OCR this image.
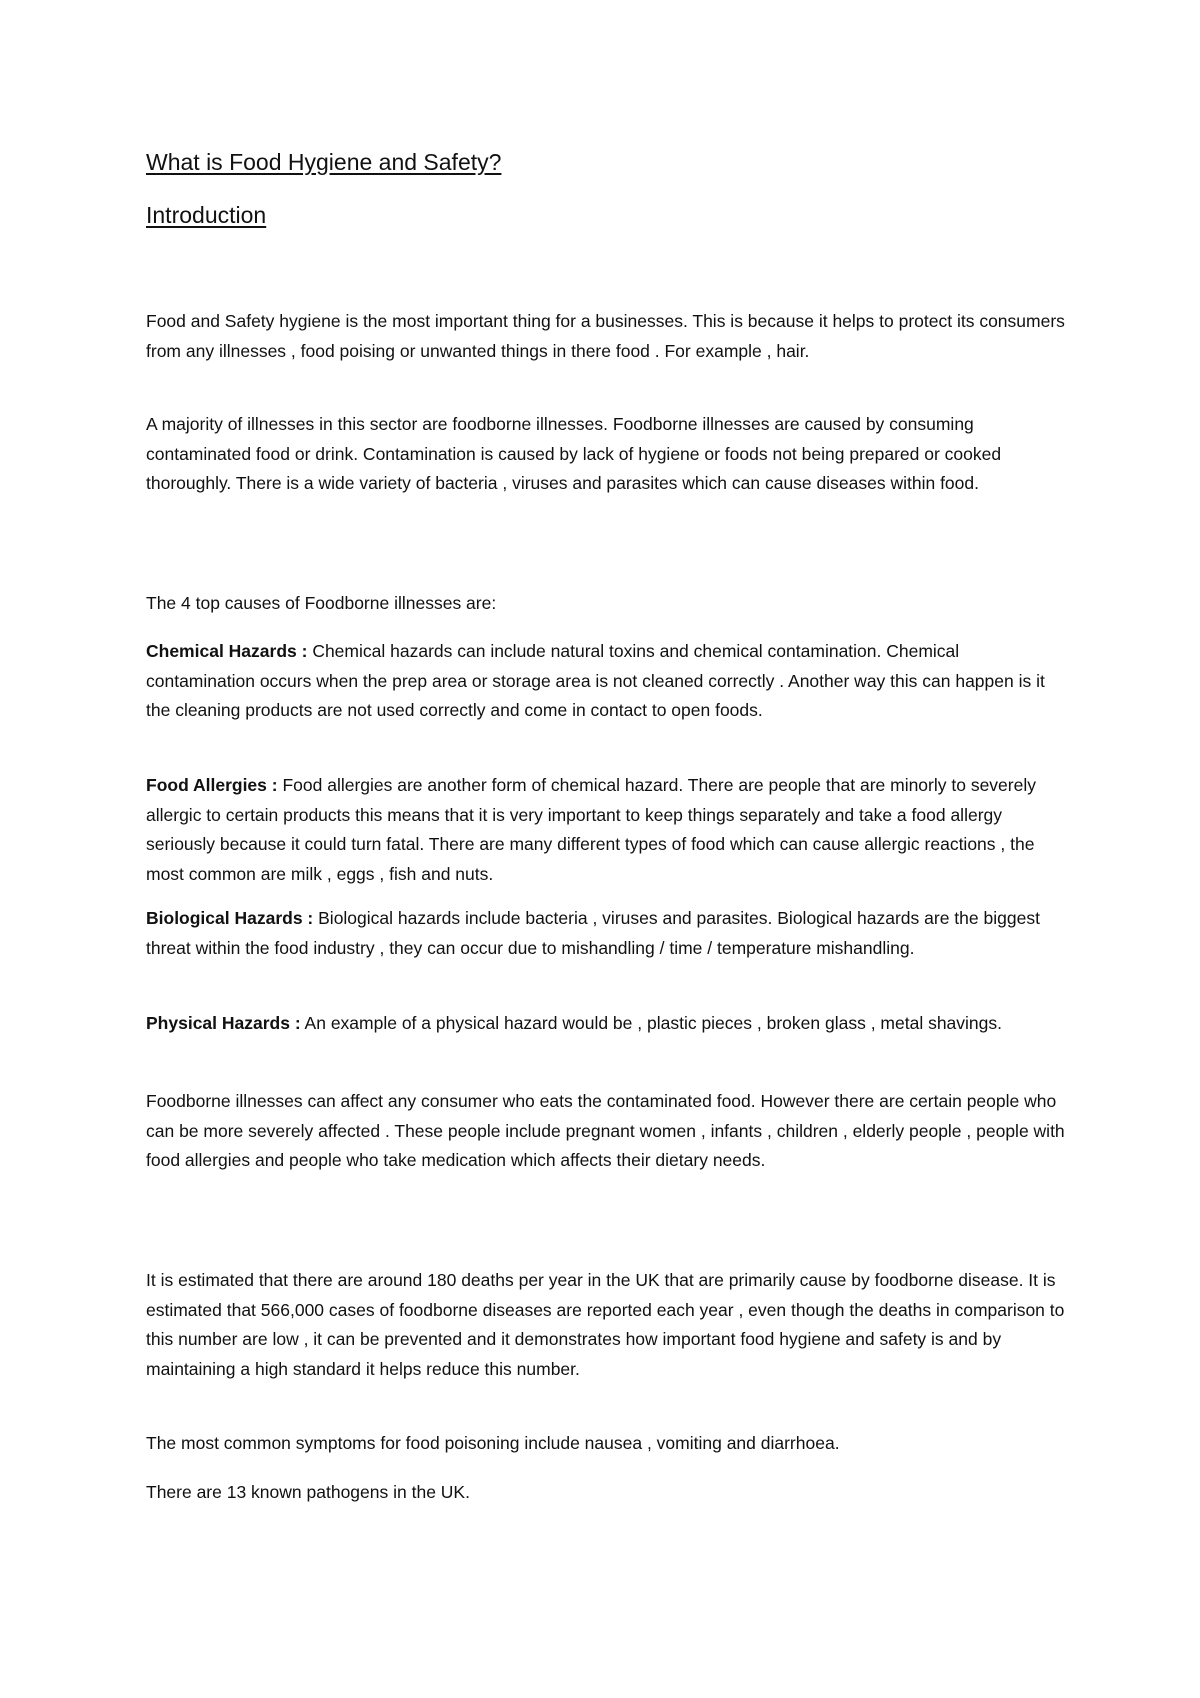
What is Food Hygiene and Safety?
Introduction

Food and Safety hygiene is the most important thing for a businesses. This is because it helps to protect its consumers from any illnesses , food poising or unwanted things in there food . For example , hair.

A majority of illnesses in this sector are foodborne illnesses. Foodborne illnesses are caused by consuming contaminated food or drink. Contamination is caused by lack of hygiene or foods not being prepared or cooked thoroughly. There is a wide variety of bacteria , viruses and parasites which can cause diseases within food.

The 4 top causes of Foodborne illnesses are:

Chemical Hazards : Chemical hazards can include natural toxins and chemical contamination. Chemical contamination occurs when the prep area or storage area is not cleaned correctly . Another way this can happen is it the cleaning products are not used correctly and come in contact to open foods.

Food Allergies : Food allergies are another form of chemical hazard. There are people that are minorly to severely allergic to certain products this means that it is very important to keep things separately and take a food allergy seriously because it could turn fatal. There are many different types of food which can cause allergic reactions , the most common are milk , eggs , fish and nuts.

Biological Hazards : Biological hazards include bacteria , viruses and parasites. Biological hazards are the biggest threat within the food industry , they can occur due to mishandling / time / temperature mishandling.

Physical Hazards : An example of a physical hazard would be , plastic pieces , broken glass , metal shavings.

Foodborne illnesses can affect any consumer who eats the contaminated food. However there are certain people who can be more severely affected . These people include pregnant women , infants , children , elderly people , people with food allergies and people who take medication which affects their dietary needs.

It is estimated that there are around 180 deaths per year in the UK that are primarily cause by foodborne disease. It is estimated that 566,000 cases of foodborne diseases are reported each year , even though the deaths in comparison to this number are low , it can be prevented and it demonstrates how important food hygiene and safety is and by maintaining a high standard it helps reduce this number.

The most common symptoms for food poisoning include nausea , vomiting and diarrhoea.

There are 13 known pathogens in the UK.
